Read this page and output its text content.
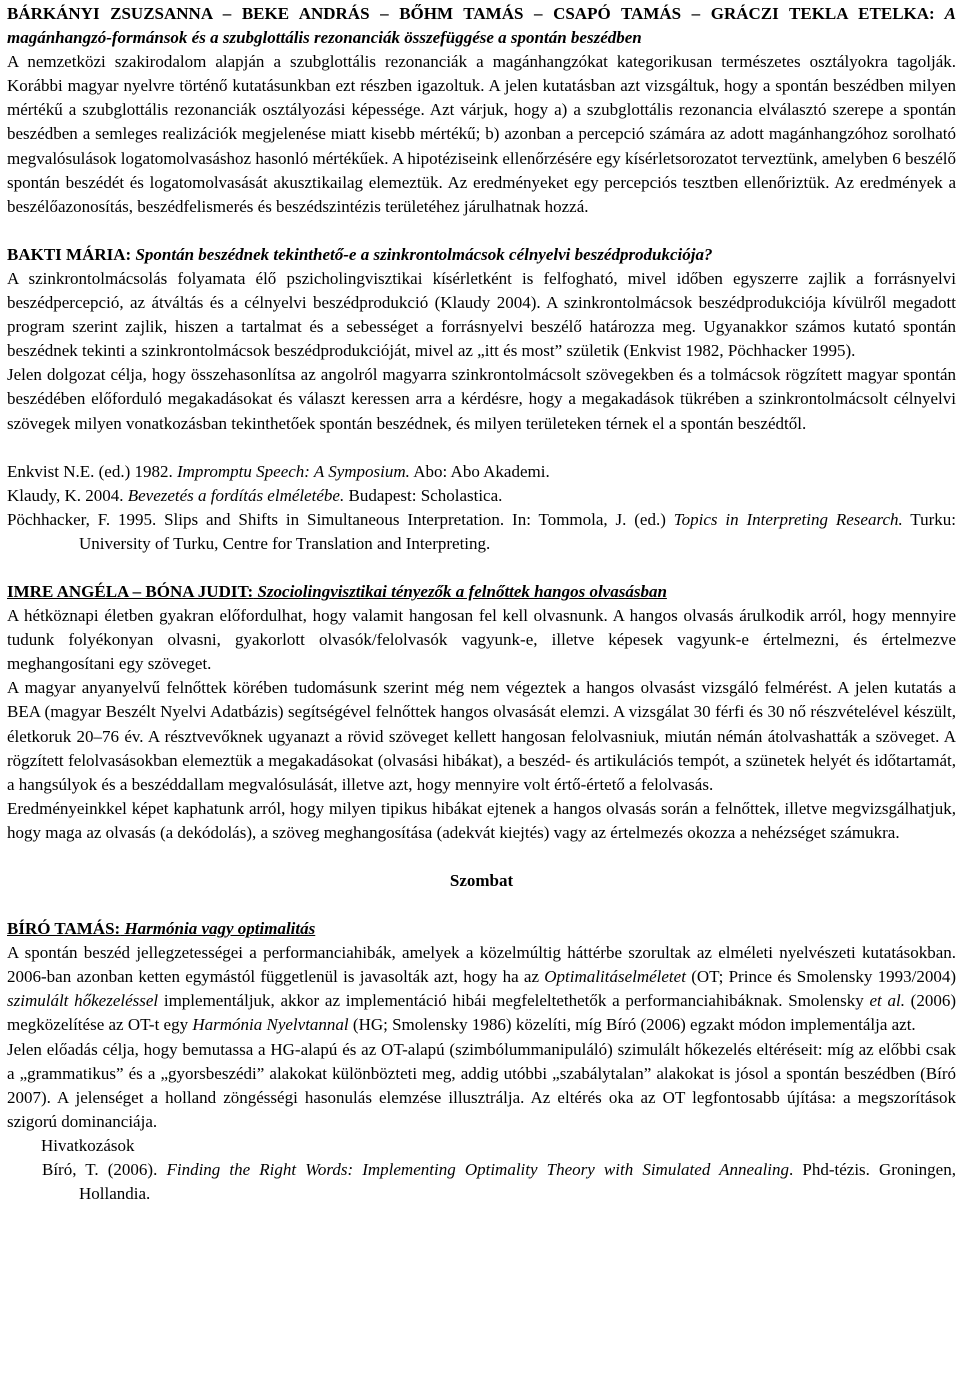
BÁRKÁNYI ZSUZSANNA – BEKE ANDRÁS – BŐHM TAMÁS – CSAPÓ TAMÁS – GRÁCZI TEKLA ETELKA: A magánhangzó-formánsok és a szubglottális rezonanciák összefüggése a spontán beszédben
A nemzetközi szakirodalom alapján a szubglottális rezonanciák a magánhangzókat kategorikusan természetes osztályokra tagolják. Korábbi magyar nyelvre történő kutatásunkban ezt részben igazoltuk. A jelen kutatásban azt vizsgáltuk, hogy a spontán beszédben milyen mértékű a szubglottális rezonanciák osztályozási képessége. Azt várjuk, hogy a) a szubglottális rezonancia elválasztó szerepe a spontán beszédben a semleges realizációk megjelenése miatt kisebb mértékű; b) azonban a percepció számára az adott magánhangzóhoz sorolható megvalósulások logatomolvasáshoz hasonló mértékűek. A hipotéziseink ellenőrzésére egy kísérletsorozatot terveztünk, amelyben 6 beszélő spontán beszédét és logatomolvasását akusztikailag elemeztük. Az eredményeket egy percepciós tesztben ellenőriztük. Az eredmények a beszélőazonosítás, beszédfelismerés és beszédszintézis területéhez járulhatnak hozzá.

BAKTI MÁRIA: Spontán beszédnek tekinthető-e a szinkrontolmácsok célnyelvi beszédprodukciója?

A szinkrontolmácsolás folyamata élő pszicholingvisztikai kísérletként is felfogható, mivel időben egyszerre zajlik a forrásnyelvi beszédpercepció, az átváltás és a célnyelvi beszédprodukció (Klaudy 2004). A szinkrontolmácsok beszédprodukciója kívülről megadott program szerint zajlik, hiszen a tartalmat és a sebességet a forrásnyelvi beszélő határozza meg. Ugyanakkor számos kutató spontán beszédnek tekinti a szinkrontolmácsok beszédprodukcióját, mivel az „itt és most” születik (Enkvist 1982, Pöchhacker 1995).

Jelen dolgozat célja, hogy összehasonlítsa az angolról magyarra szinkrontolmácsolt szövegekben és a tolmácsok rögzített magyar spontán beszédében előforduló megakadásokat és választ keressen arra a kérdésre, hogy a megakadások tükrében a szinkrontolmácsolt célnyelvi szövegek milyen vonatkozásban tekinthetőek spontán beszédnek, és milyen területeken térnek el a spontán beszédtől.

Enkvist N.E. (ed.) 1982. Impromptu Speech: A Symposium. Abo: Abo Akademi.

Klaudy, K. 2004. Bevezetés a fordítás elméletébe. Budapest: Scholastica.

Pöchhacker, F. 1995. Slips and Shifts in Simultaneous Interpretation. In: Tommola, J. (ed.) Topics in Interpreting Research. Turku: University of Turku, Centre for Translation and Interpreting.

IMRE ANGÉLA – BÓNA JUDIT: Szociolingvisztikai tényezők a felnőttek hangos olvasásban

A hétköznapi életben gyakran előfordulhat, hogy valamit hangosan fel kell olvasnunk. A hangos olvasás árulkodik arról, hogy mennyire tudunk folyékonyan olvasni, gyakorlott olvasók/felolvasók vagyunk-e, illetve képesek vagyunk-e értelmezni, és értelmezve meghangosítani egy szöveget.

A magyar anyanyelvű felnőttek körében tudomásunk szerint még nem végeztek a hangos olvasást vizsgáló felmérést. A jelen kutatás a BEA (magyar Beszélt Nyelvi Adatbázis) segítségével felnőttek hangos olvasását elemzi. A vizsgálat 30 férfi és 30 nő részvételével készült, életkoruk 20–76 év. A résztvevőknek ugyanazt a rövid szöveget kellett hangosan felolvasniuk, miután némán átolvashatták a szöveget. A rögzített felolvasásokban elemeztük a megakadásokat (olvasási hibákat), a beszéd- és artikulációs tempót, a szünetek helyét és időtartamát, a hangsúlyok és a beszéddallam megvalósulását, illetve azt, hogy mennyire volt értő-értető a felolvasás.

Eredményeinkkel képet kaphatunk arról, hogy milyen tipikus hibákat ejtenek a hangos olvasás során a felnőttek, illetve megvizsgálhatjuk, hogy maga az olvasás (a dekódolás), a szöveg meghangosítása (adekvát kiejtés) vagy az értelmezés okozza a nehézséget számukra.

Szombat

BÍRÓ TAMÁS: Harmónia vagy optimalitás

A spontán beszéd jellegzetességei a performanciahibák, amelyek a közelmúltig háttérbe szorultak az elméleti nyelvészeti kutatásokban. 2006-ban azonban ketten egymástól függetlenül is javasolták azt, hogy ha az Optimalitáselméletet (OT; Prince és Smolensky 1993/2004) szimulált hőkezeléssel implementáljuk, akkor az implementáció hibái megfeleltethetők a performanciahibáknak. Smolensky et al. (2006) megközelítése az OT-t egy Harmónia Nyelvtannal (HG; Smolensky 1986) közelíti, míg Bíró (2006) egzakt módon implementálja azt.

Jelen előadás célja, hogy bemutassa a HG-alapú és az OT-alapú (szimbólummanipuláló) szimulált hőkezelés eltéréseit: míg az előbbi csak a „grammatikus” és a „gyorsbeszédi” alakokat különbözteti meg, addig utóbbi „szabálytalan” alakokat is jósol a spontán beszédben (Bíró 2007). A jelenséget a holland zöngésségi hasonulás elemzése illusztrálja. Az eltérés oka az OT legfontosabb újítása: a megszorítások szigorú dominanciája.

Hivatkozások

Bíró, T. (2006). Finding the Right Words: Implementing Optimality Theory with Simulated Annealing. Phd-tézis. Groningen, Hollandia.
